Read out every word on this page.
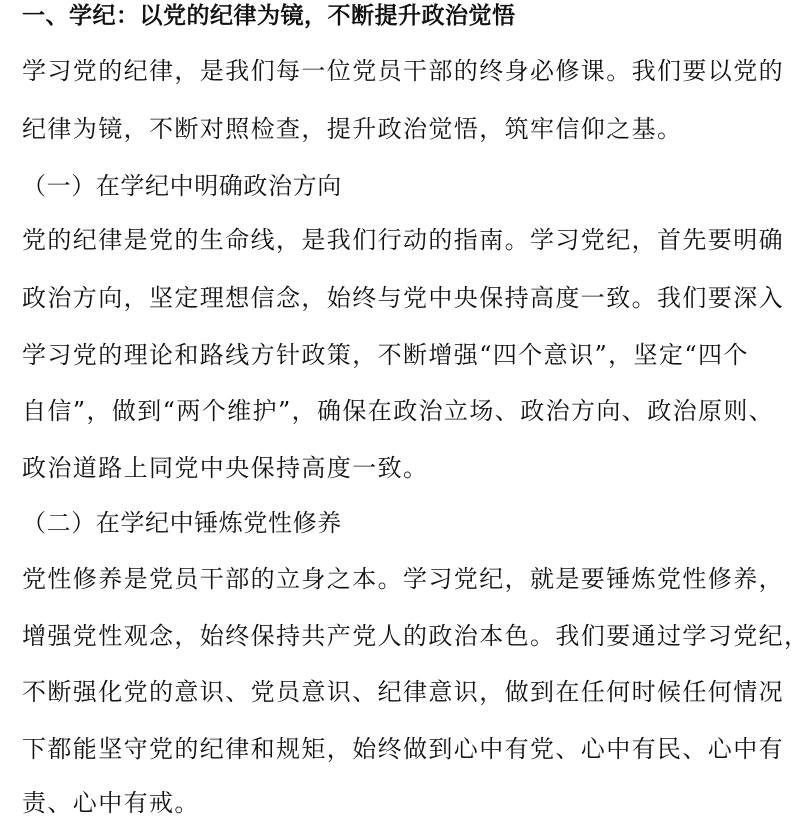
一、学纪：以党的纪律为镜，不断提升政治觉悟
学习党的纪律，是我们每一位党员干部的终身必修课。我们要以党的
纪律为镜，不断对照检查，提升政治觉悟，筑牢信仰之基。
（一）在学纪中明确政治方向
党的纪律是党的生命线，是我们行动的指南。学习党纪，首先要明确
政治方向，坚定理想信念，始终与党中央保持高度一致。我们要深入
学习党的理论和路线方针政策，不断增强“四个意识”，坚定“四个
自信”，做到“两个维护”，确保在政治立场、政治方向、政治原则、
政治道路上同党中央保持高度一致。
（二）在学纪中锤炼党性修养
党性修养是党员干部的立身之本。学习党纪，就是要锤炼党性修养，
增强党性观念，始终保持共产党人的政治本色。我们要通过学习党纪，
不断强化党的意识、党员意识、纪律意识，做到在任何时候任何情况
下都能坚守党的纪律和规矩，始终做到心中有党、心中有民、心中有
责、心中有戒。
